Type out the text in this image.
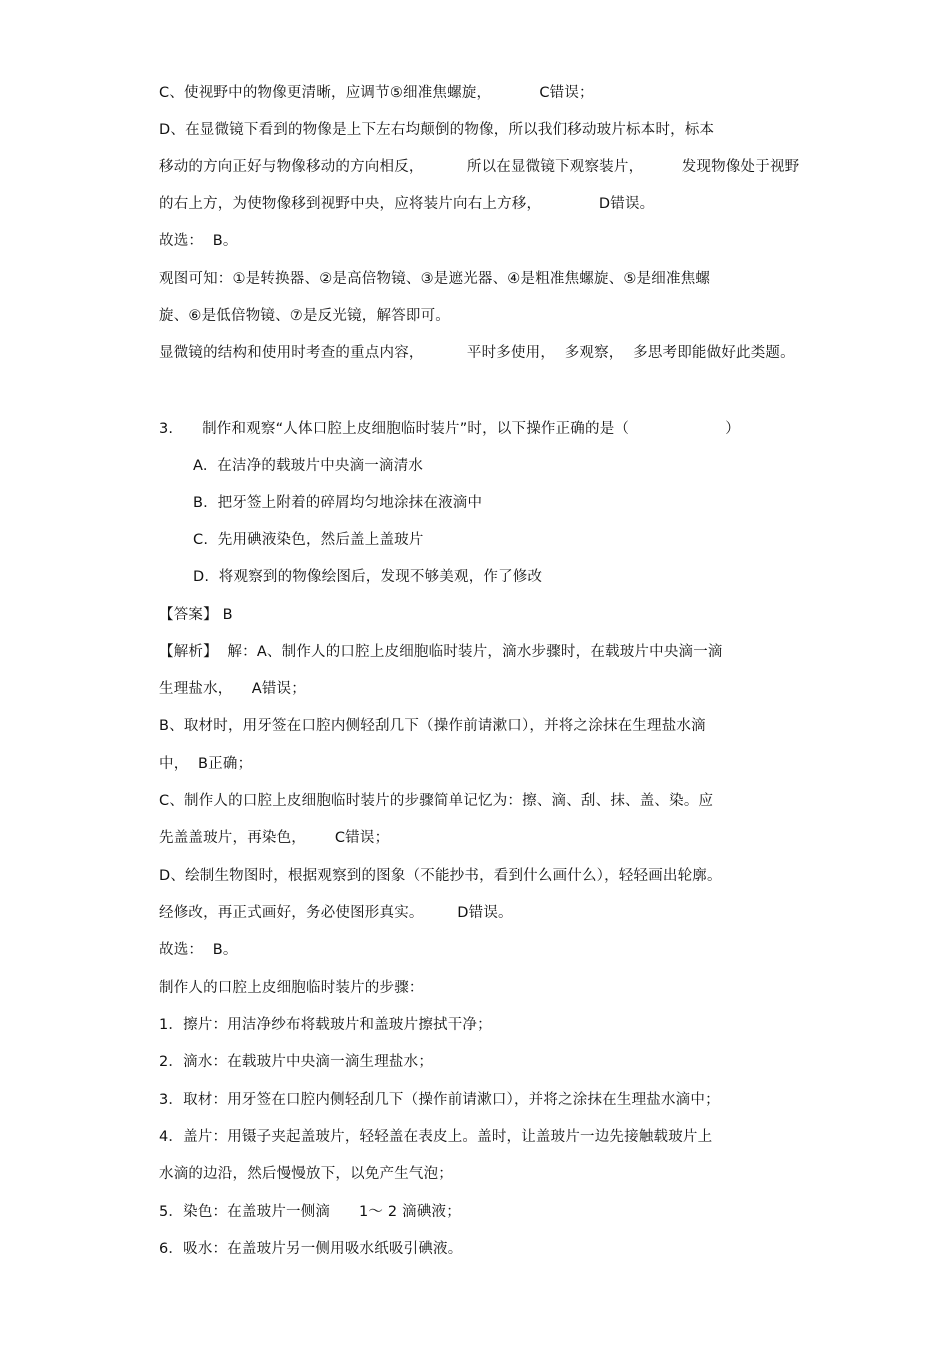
C、使视野中的物像更清晰，应调节⑤细准焦螺旋，          C错误；
D、在显微镜下看到的物像是上下左右均颠倒的物像，所以我们移动玻片标本时，标本
移动的方向正好与物像移动的方向相反，         所以在显微镜下观察装片，        发现物像处于视野
的右上方，为使物像移到视野中央，应将装片向右上方移，            D错误。
故选：  B。
观图可知：①是转换器、②是高倍物镜、③是遮光器、④是粗准焦螺旋、⑤是细准焦螺
旋、⑥是低倍物镜、⑦是反光镜，解答即可。
显微镜的结构和使用时考查的重点内容，         平时多使用，  多观察，  多思考即能做好此类题。
3.      制作和观察“人体口腔上皮细胞临时装片”时，以下操作正确的是（                    ）
A.  在洁净的载玻片中央滴一滴清水
B.  把牙签上附着的碎屑均匀地涂抹在液滴中
C.  先用碘液染色，然后盖上盖玻片
D.  将观察到的物像绘图后，发现不够美观，作了修改
【答案】 B
【解析】  解：A、制作人的口腔上皮细胞临时装片，滴水步骤时，在载玻片中央滴一滴
生理盐水，    A错误；
B、取材时，用牙签在口腔内侧轻刮几下（操作前请漱口），并将之涂抹在生理盐水滴
中，  B正确；
C、制作人的口腔上皮细胞临时装片的步骤简单记忆为：擦、滴、刮、抹、盖、染。应
先盖盖玻片，再染色，      C错误；
D、绘制生物图时，根据观察到的图象（不能抄书，看到什么画什么），轻轻画出轮廓。
经修改，再正式画好，务必使图形真实。       D错误。
故选：  B。
制作人的口腔上皮细胞临时装片的步骤：
1．擦片：用洁净纱布将载玻片和盖玻片擦拭干净；
2．滴水：在载玻片中央滴一滴生理盐水；
3．取材：用牙签在口腔内侧轻刮几下（操作前请漱口），并将之涂抹在生理盐水滴中；
4．盖片：用镊子夹起盖玻片，轻轻盖在表皮上。盖时，让盖玻片一边先接触载玻片上
水滴的边沿，然后慢慢放下，以免产生气泡；
5．染色：在盖玻片一侧滴      1～ 2 滴碘液；
6．吸水：在盖玻片另一侧用吸水纸吸引碘液。
